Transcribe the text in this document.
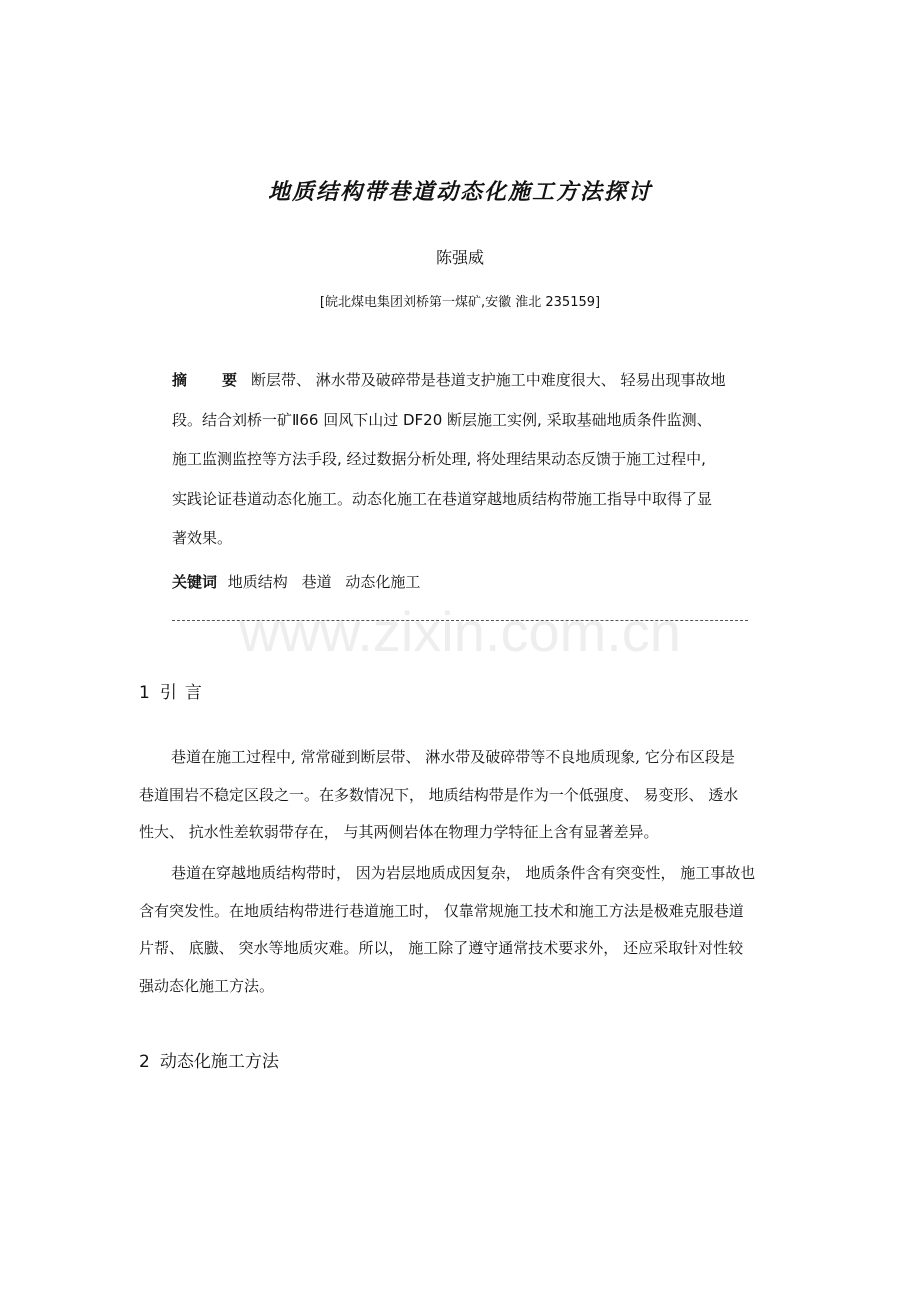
www.zixin.com.cn
地质结构带巷道动态化施工方法探讨
陈强威
[皖北煤电集团刘桥第一煤矿,安徽 淮北 235159]
摘　要 断层带、 淋水带及破碎带是巷道支护施工中难度很大、 轻易出现事故地
段。结合刘桥一矿Ⅱ66 回风下山过 DF20 断层施工实例, 采取基础地质条件监测、
施工监测监控等方法手段, 经过数据分析处理, 将处理结果动态反馈于施工过程中,
实践论证巷道动态化施工。动态化施工在巷道穿越地质结构带施工指导中取得了显
著效果。
关键词 地质结构 巷道 动态化施工
1 引言
巷道在施工过程中, 常常碰到断层带、 淋水带及破碎带等不良地质现象, 它分布区段是
巷道围岩不稳定区段之一。在多数情况下， 地质结构带是作为一个低强度、 易变形、 透水
性大、 抗水性差软弱带存在， 与其两侧岩体在物理力学特征上含有显著差异。
巷道在穿越地质结构带时， 因为岩层地质成因复杂， 地质条件含有突变性， 施工事故也
含有突发性。在地质结构带进行巷道施工时， 仅靠常规施工技术和施工方法是极难克服巷道
片帮、 底臌、 突水等地质灾难。所以， 施工除了遵守通常技术要求外， 还应采取针对性较
强动态化施工方法。
2 动态化施工方法
